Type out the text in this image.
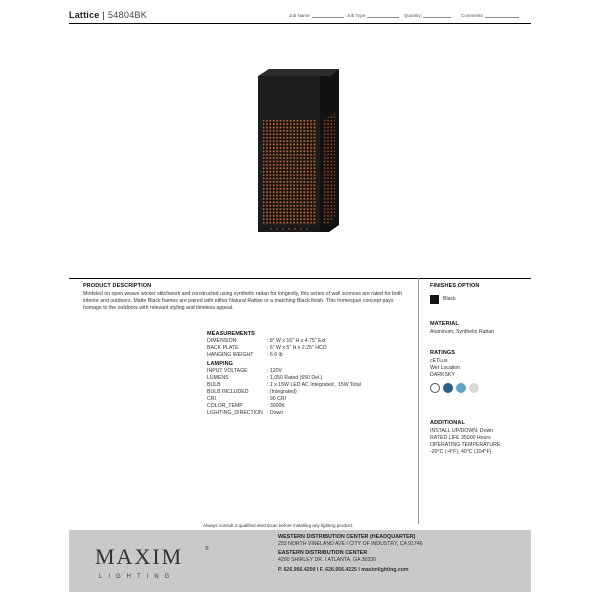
Lattice | 54804BK	Job Name:	Job Type:	Quantity:	Comments:
PRODUCT DESCRIPTION
Modeled on open weave wicker stitchwork and constructed using synthetic rattan for longevity, this series of wall sconces are rated for both interior and outdoors. Matte Black frames are paired with either Natural Rattan or a matching Black finish. This homespun concept pays homage to the outdoors with relevant styling and timeless appeal.
MEASUREMENTS
DIMENSION	: 8" W x 16" H x 4.75" Ext
BACK PLATE	: 6" W x 5" H x 2.25" HCO
HANGING WEIGHT	: 6.6 lb
LAMPING
INPUT VOLTAGE	: 120V
LUMENS	: 1,050 Rated (650 Del.)
BULB	: 1 x 15W LED AC Integrated , 15W Total
BULB INCLUDED	: (Integrated)
CRI	: 90 CRI
COLOR_TEMP	: 3000K
LIGHTING_DIRECTION : Down
FINISHES OPTION
Black
MATERIAL
Aluminum, Synthetic Rattan
RATINGS
cETLus
Wet Location
DARKSKY
ADDITIONAL
INSTALL UP/DOWN: Down
RATED LIFE 35000 Hours
OPERATING TEMPERATURE:
-20°C (-4°F), 40°C (104°F)
Always consult a qualified electrician before installing any lighting product.
MAXIM	®
LIGHTING
WESTERN DISTRIBUTION CENTER (HEADQUARTER)
253 NORTH VINELAND AVE I CITY OF INDUSTRY, CA 91746
EASTERN DISTRIBUTION CENTER
4200 SHIRLEY DR. I ATLANTA, GA 30336
P. 626.956.4200 I F. 626.956.4225 I maximlighting.com
